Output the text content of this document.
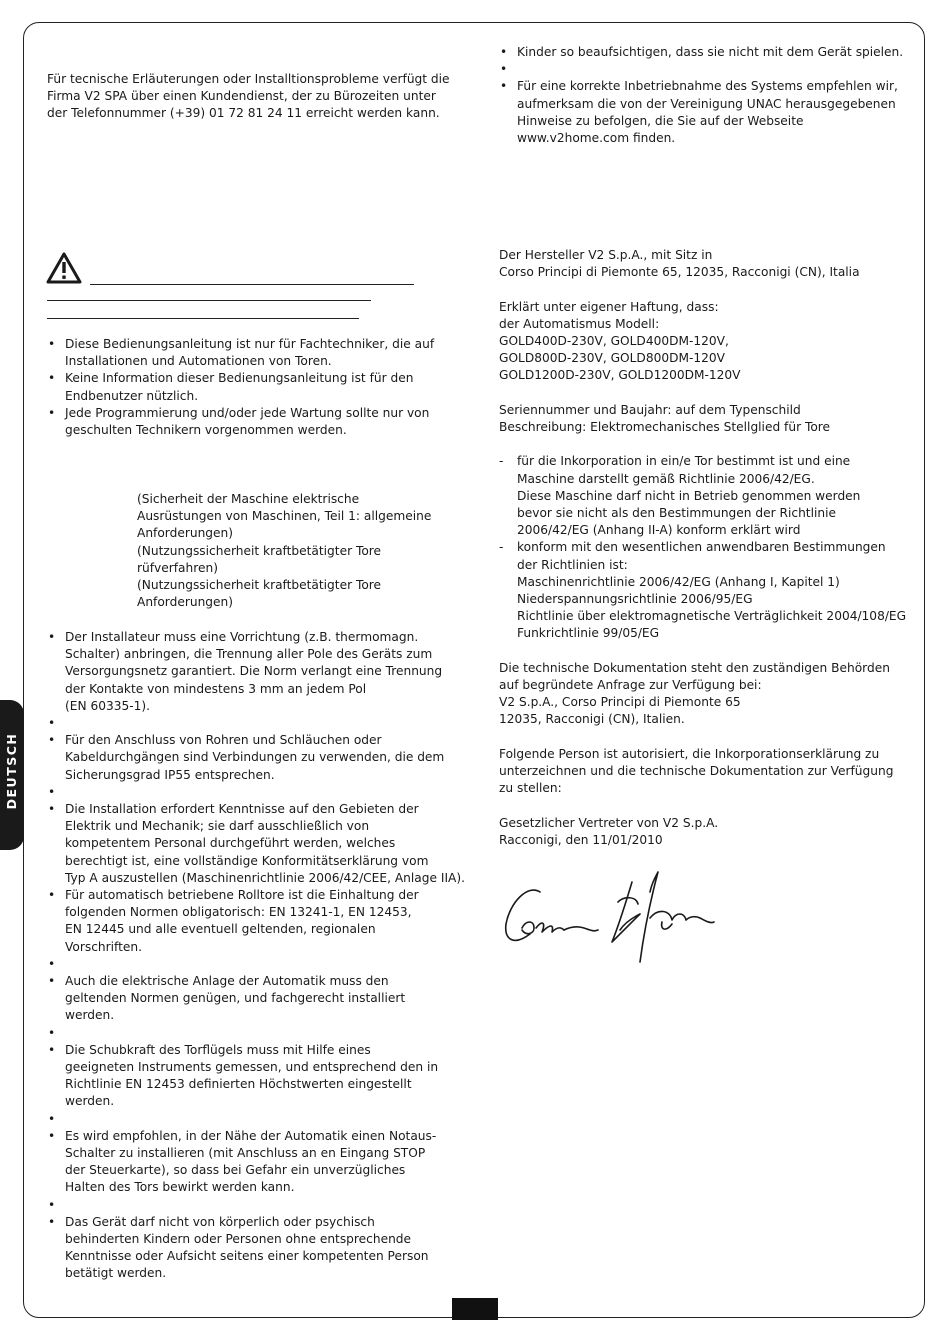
DEUTSCH
Für tecnische Erläuterungen oder Installtionsprobleme verfügt die
Firma V2 SPA über einen Kundendienst, der zu Bürozeiten unter
der Telefonnummer (+39) 01 72 81 24 11 erreicht werden kann.
• Diese Bedienungsanleitung ist nur für Fachtechniker, die auf
Installationen und Automationen von Toren.
• Keine Information dieser Bedienungsanleitung ist für den
Endbenutzer nützlich.
• Jede Programmierung und/oder jede Wartung sollte nur von
geschulten Technikern vorgenommen werden.
(Sicherheit der Maschine elektrische
Ausrüstungen von Maschinen, Teil 1: allgemeine
Anforderungen)
(Nutzungssicherheit kraftbetätigter Tore
rüfverfahren)
(Nutzungssicherheit kraftbetätigter Tore
Anforderungen)
• Der Installateur muss eine Vorrichtung (z.B. thermomagn.
Schalter) anbringen, die Trennung aller Pole des Geräts zum
Versorgungsnetz garantiert. Die Norm verlangt eine Trennung
der Kontakte von mindestens 3 mm an jedem Pol
(EN 60335-1).
•
• Für den Anschluss von Rohren und Schläuchen oder
Kabeldurchgängen sind Verbindungen zu verwenden, die dem
Sicherungsgrad IP55 entsprechen.
•
• Die Installation erfordert Kenntnisse auf den Gebieten der
Elektrik und Mechanik; sie darf ausschließlich von
kompetentem Personal durchgeführt werden, welches
berechtigt ist, eine vollständige Konformitätserklärung vom
Typ A auszustellen (Maschinenrichtlinie 2006/42/CEE, Anlage IIA).
• Für automatisch betriebene Rolltore ist die Einhaltung der
folgenden Normen obligatorisch: EN 13241-1, EN 12453,
EN 12445 und alle eventuell geltenden, regionalen
Vorschriften.
•
• Auch die elektrische Anlage der Automatik muss den
geltenden Normen genügen, und fachgerecht installiert
werden.
•
• Die Schubkraft des Torflügels muss mit Hilfe eines
geeigneten Instruments gemessen, und entsprechend den in
Richtlinie EN 12453 definierten Höchstwerten eingestellt
werden.
•
• Es wird empfohlen, in der Nähe der Automatik einen Notaus-
Schalter zu installieren (mit Anschluss an en Eingang STOP
der Steuerkarte), so dass bei Gefahr ein unverzügliches
Halten des Tors bewirkt werden kann.
•
• Das Gerät darf nicht von körperlich oder psychisch
behinderten Kindern oder Personen ohne entsprechende
Kenntnisse oder Aufsicht seitens einer kompetenten Person
betätigt werden.
• Kinder so beaufsichtigen, dass sie nicht mit dem Gerät spielen.
•
• Für eine korrekte Inbetriebnahme des Systems empfehlen wir,
aufmerksam die von der Vereinigung UNAC herausgegebenen
Hinweise zu befolgen, die Sie auf der Webseite
www.v2home.com finden.
Der Hersteller V2 S.p.A., mit Sitz in
Corso Principi di Piemonte 65, 12035, Racconigi (CN), Italia
Erklärt unter eigener Haftung, dass:
der Automatismus Modell:
GOLD400D-230V, GOLD400DM-120V,
GOLD800D-230V, GOLD800DM-120V
GOLD1200D-230V, GOLD1200DM-120V
Seriennummer und Baujahr: auf dem Typenschild
Beschreibung: Elektromechanisches Stellglied für Tore
- für die Inkorporation in ein/e Tor bestimmt ist und eine
Maschine darstellt gemäß Richtlinie 2006/42/EG.
Diese Maschine darf nicht in Betrieb genommen werden
bevor sie nicht als den Bestimmungen der Richtlinie
2006/42/EG (Anhang II-A) konform erklärt wird
- konform mit den wesentlichen anwendbaren Bestimmungen
der Richtlinien ist:
Maschinenrichtlinie 2006/42/EG (Anhang I, Kapitel 1)
Niederspannungsrichtlinie 2006/95/EG
Richtlinie über elektromagnetische Verträglichkeit 2004/108/EG
Funkrichtlinie 99/05/EG
Die technische Dokumentation steht den zuständigen Behörden
auf begründete Anfrage zur Verfügung bei:
V2 S.p.A., Corso Principi di Piemonte 65
12035, Racconigi (CN), Italien.
Folgende Person ist autorisiert, die Inkorporationserklärung zu
unterzeichnen und die technische Dokumentation zur Verfügung
zu stellen:
Gesetzlicher Vertreter von V2 S.p.A.
Racconigi, den 11/01/2010
